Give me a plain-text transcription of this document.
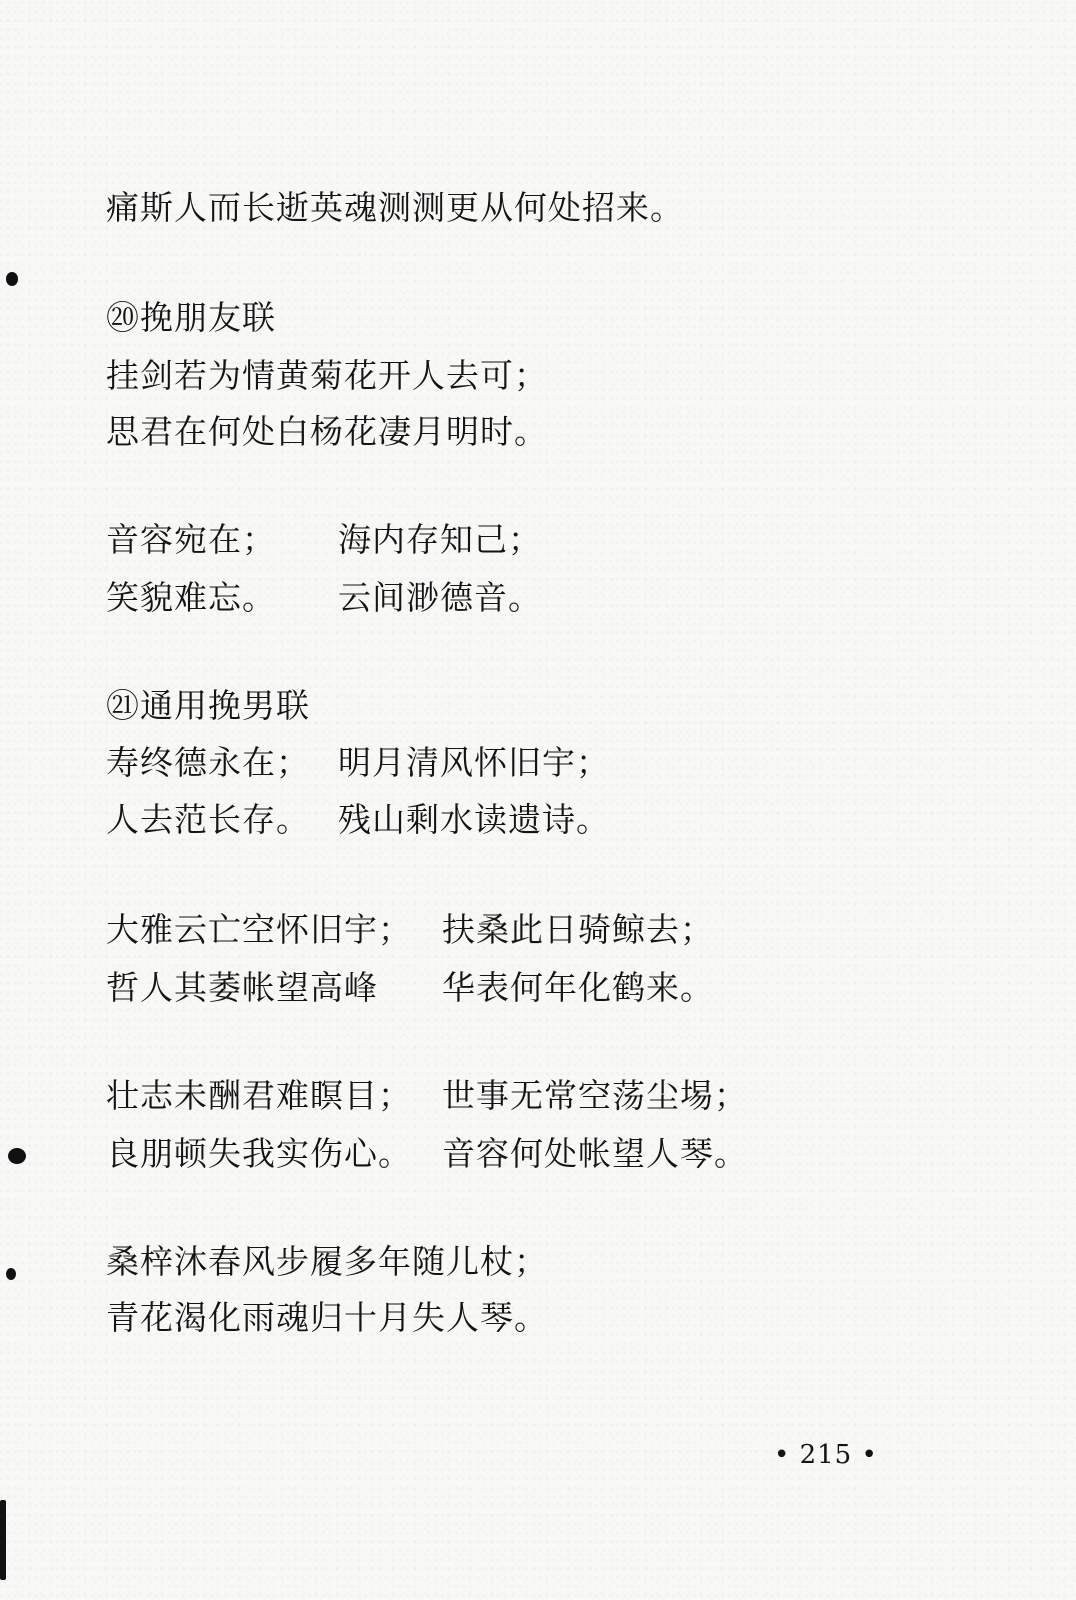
痛斯人而长逝英魂测测更从何处招来。
⑳挽朋友联
挂剑若为情黄菊花开人去可；
思君在何处白杨花凄月明时。
音容宛在； 海内存知己；
笑貌难忘。 云间渺德音。
㉑通用挽男联
寿终德永在； 明月清风怀旧宇；
人去范长存。 残山剩水读遗诗。
大雅云亡空怀旧宇； 扶桑此日骑鲸去；
哲人其萎帐望高峰 华表何年化鹤来。
壮志未酬君难瞑目； 世事无常空荡尘埸；
良朋顿失我实伤心。 音容何处帐望人琴。
桑梓沐春风步履多年随儿杖；
青花渴化雨魂归十月失人琴。
• 215 •
